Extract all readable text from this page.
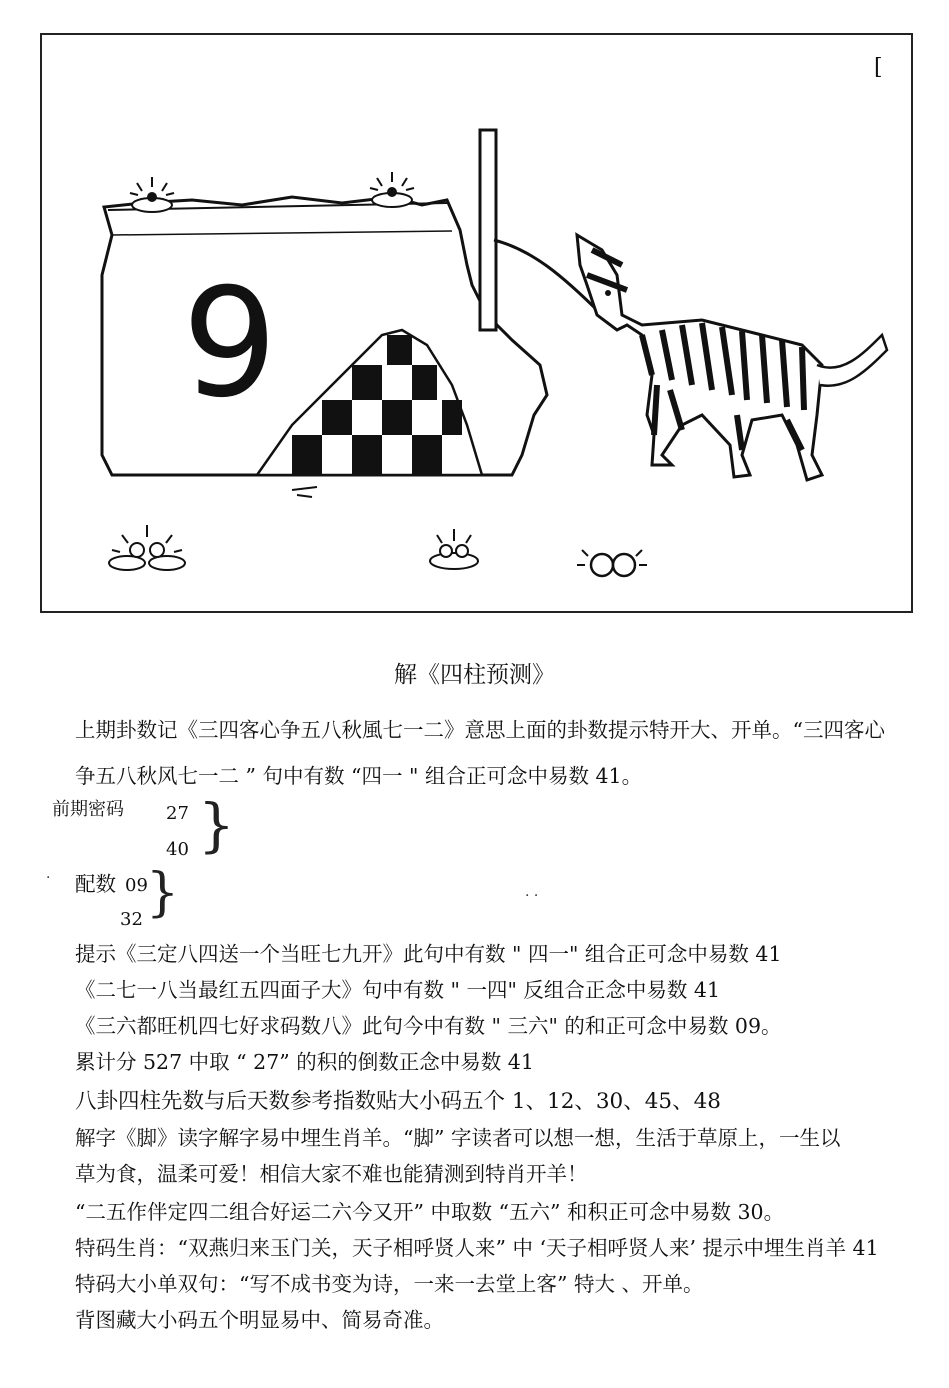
9
[
解《四柱预测》
上期卦数记《三四客心争五八秋風七一二》意思上面的卦数提示特开大、开单。“三四客心
争五八秋风七一二 ” 句中有数 “四一 " 组合正可念中易数 41。
前期密码 27
40 }
· 配数 09
32 }	· ·
提示《三定八四送一个当旺七九开》此句中有数 " 四一" 组合正可念中易数 41
《二七一八当最红五四面子大》句中有数 " 一四" 反组合正念中易数 41
《三六都旺机四七好求码数八》此句今中有数 " 三六" 的和正可念中易数 09。
累计分 527 中取 “ 27” 的积的倒数正念中易数 41
八卦四柱先数与后天数参考指数贴大小码五个 1、12、30、45、48
解字《脚》读字解字易中埋生肖羊。“脚” 字读者可以想一想，生活于草原上，一生以
草为食，温柔可爱！相信大家不难也能猜测到特肖开羊！
“二五作伴定四二组合好运二六今又开” 中取数 “五六” 和积正可念中易数 30。
特码生肖：“双燕归来玉门关，天子相呼贤人来” 中 ‘天子相呼贤人来’ 提示中埋生肖羊 41
特码大小单双句：“写不成书变为诗，一来一去堂上客” 特大 、开单。
背图藏大小码五个明显易中、简易奇准。
